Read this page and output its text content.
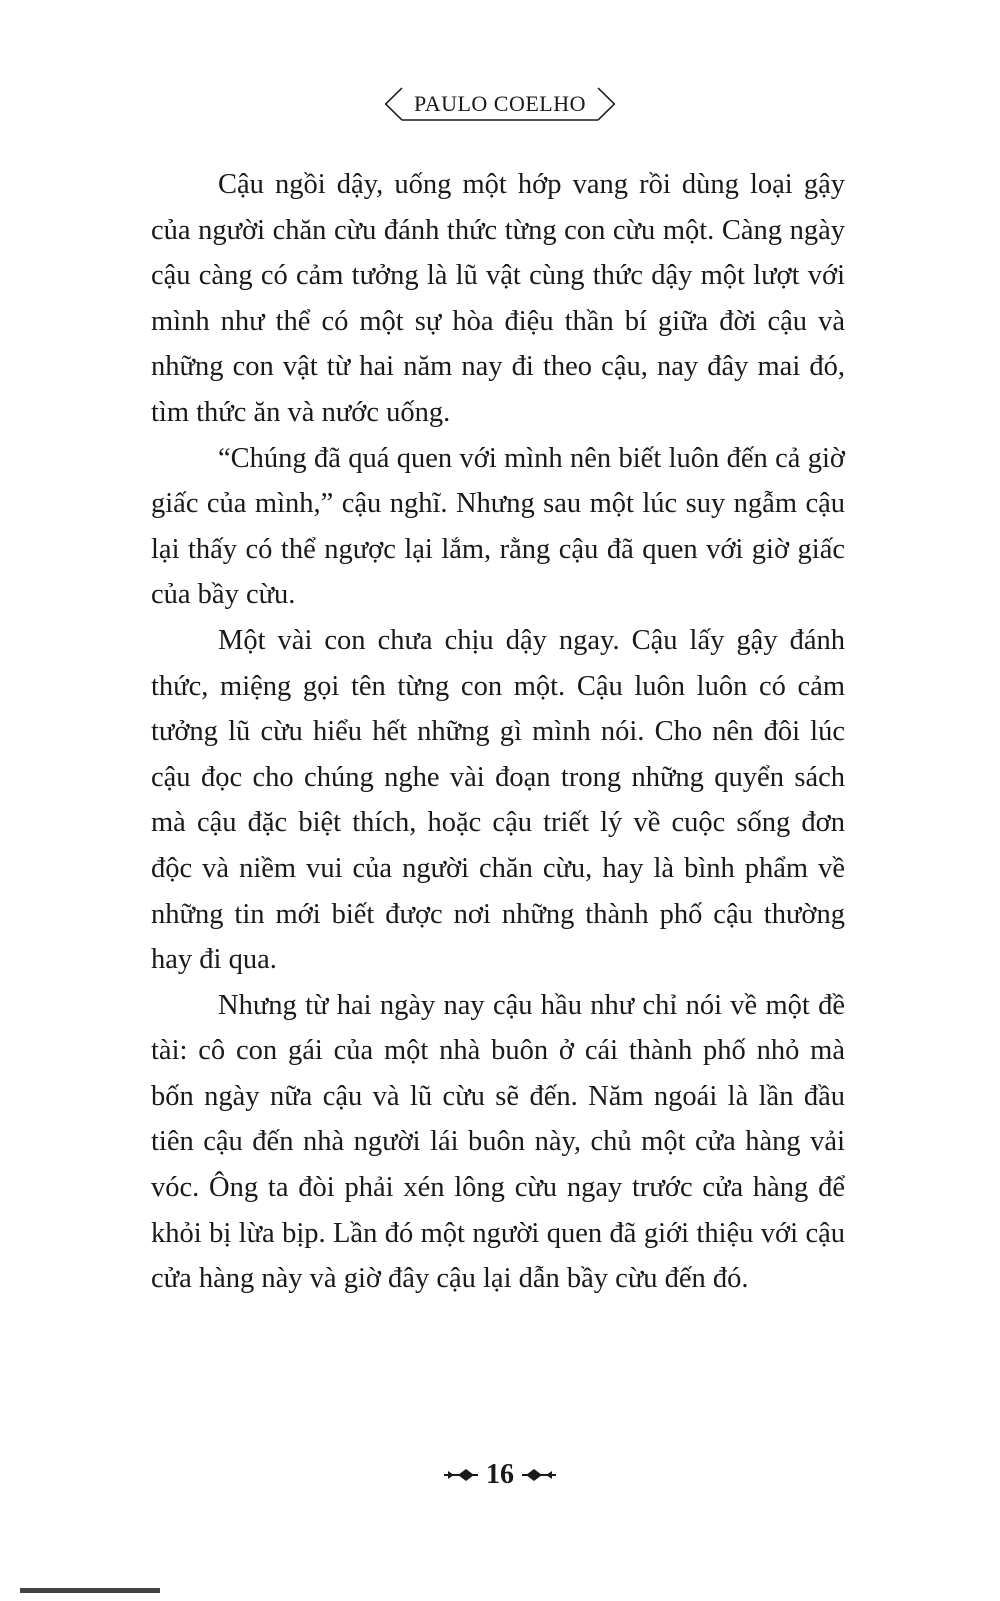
PAULO COELHO

Cậu ngồi dậy, uống một hớp vang rồi dùng loại gậy của người chăn cừu đánh thức từng con cừu một. Càng ngày cậu càng có cảm tưởng là lũ vật cùng thức dậy một lượt với mình như thể có một sự hòa điệu thần bí giữa đời cậu và những con vật từ hai năm nay đi theo cậu, nay đây mai đó, tìm thức ăn và nước uống.

“Chúng đã quá quen với mình nên biết luôn đến cả giờ giấc của mình,” cậu nghĩ. Nhưng sau một lúc suy ngẫm cậu lại thấy có thể ngược lại lắm, rằng cậu đã quen với giờ giấc của bầy cừu.

Một vài con chưa chịu dậy ngay. Cậu lấy gậy đánh thức, miệng gọi tên từng con một. Cậu luôn luôn có cảm tưởng lũ cừu hiểu hết những gì mình nói. Cho nên đôi lúc cậu đọc cho chúng nghe vài đoạn trong những quyển sách mà cậu đặc biệt thích, hoặc cậu triết lý về cuộc sống đơn độc và niềm vui của người chăn cừu, hay là bình phẩm về những tin mới biết được nơi những thành phố cậu thường hay đi qua.

Nhưng từ hai ngày nay cậu hầu như chỉ nói về một đề tài: cô con gái của một nhà buôn ở cái thành phố nhỏ mà bốn ngày nữa cậu và lũ cừu sẽ đến. Năm ngoái là lần đầu tiên cậu đến nhà người lái buôn này, chủ một cửa hàng vải vóc. Ông ta đòi phải xén lông cừu ngay trước cửa hàng để khỏi bị lừa bịp. Lần đó một người quen đã giới thiệu với cậu cửa hàng này và giờ đây cậu lại dẫn bầy cừu đến đó.

16
